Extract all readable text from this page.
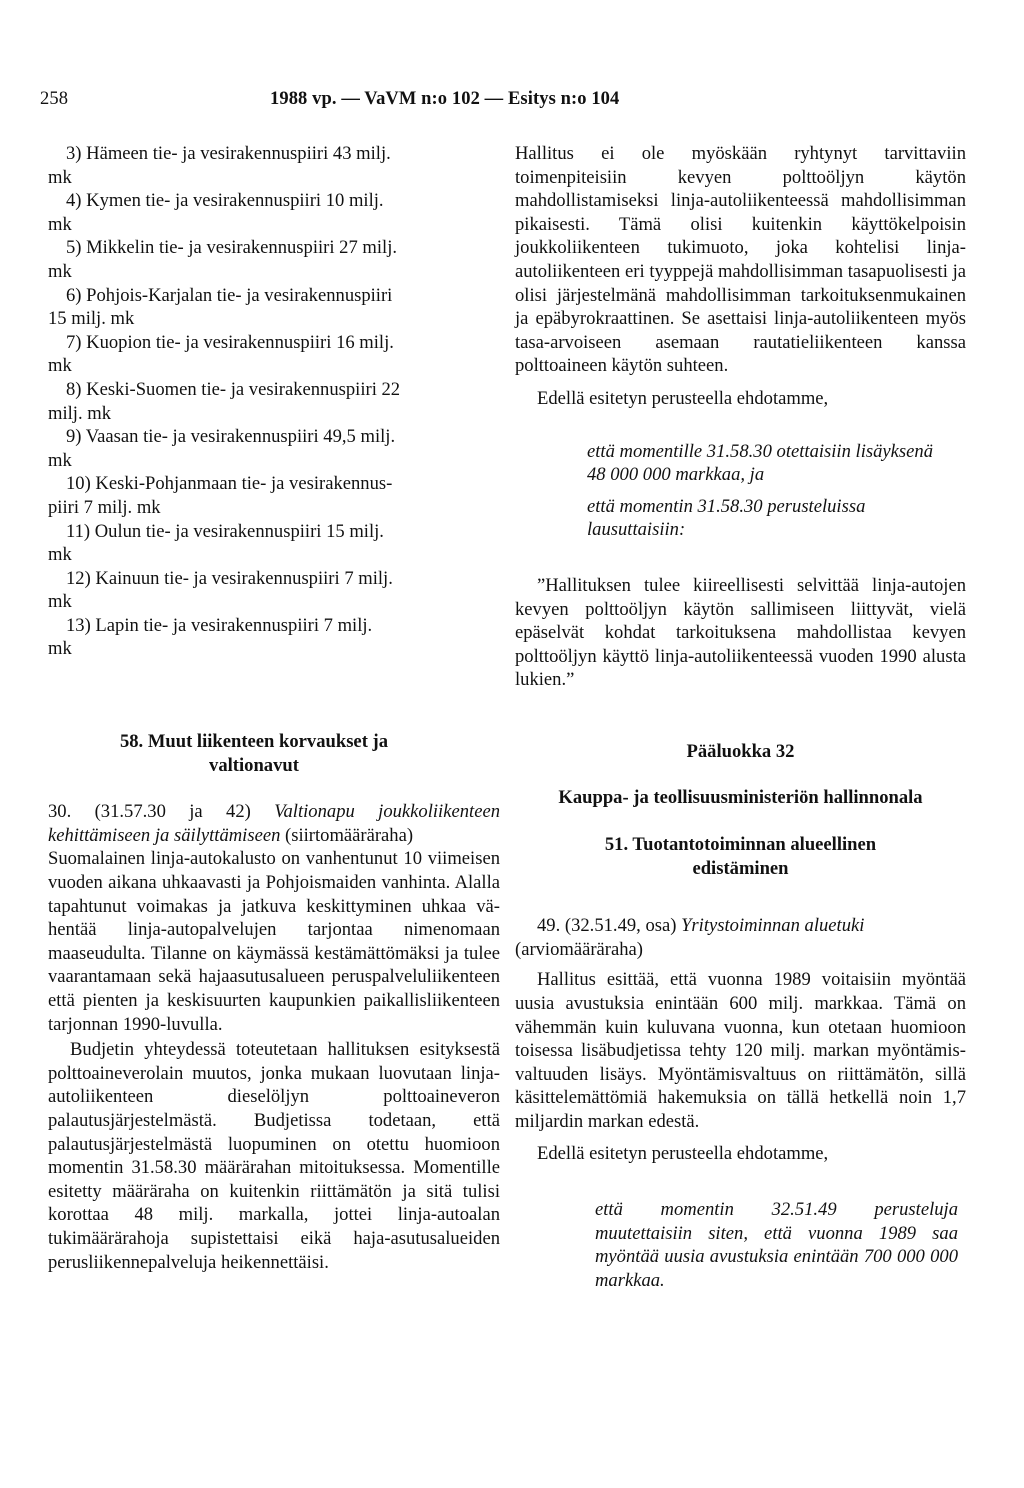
258	1988 vp. — VaVM n:o 102 — Esitys n:o 104
3) Hämeen tie- ja vesirakennuspiiri 43 milj.
mk
4) Kymen tie- ja vesirakennuspiiri 10 milj.
mk
5) Mikkelin tie- ja vesirakennuspiiri 27 milj.
mk
6) Pohjois-Karjalan tie- ja vesirakennuspiiri
15 milj. mk
7) Kuopion tie- ja vesirakennuspiiri 16 milj.
mk
8) Keski-Suomen tie- ja vesirakennuspiiri 22
milj. mk
9) Vaasan tie- ja vesirakennuspiiri 49,5 milj.
mk
10) Keski-Pohjanmaan tie- ja vesirakennus-
piiri 7 milj. mk
11) Oulun tie- ja vesirakennuspiiri 15 milj.
mk
12) Kainuun tie- ja vesirakennuspiiri 7 milj.
mk
13) Lapin tie- ja vesirakennuspiiri 7 milj.
mk
58. Muut liikenteen korvaukset ja
valtionavut

30. (31.57.30 ja 42) Valtionapu joukkoliikenteen kehittämiseen ja säilyttämiseen (siirtomääräraha)

Suomalainen linja-autokalusto on vanhentunut 10 viimeisen vuoden aikana uhkaavasti ja Pohjoismaiden vanhinta. Alalla tapahtunut voimakas ja jatkuva keskittyminen uhkaa vähentää linja-autopalvelujen tarjontaa nimenomaan maaseudulta. Tilanne on käymässä kestämättömäksi ja tulee vaarantamaan sekä hajaasutusalueen peruspalveluliikenteen että pienten ja keskisuurten kaupunkien paikallisliikenteen tarjonnan 1990-luvulla.

Budjetin yhteydessä toteutetaan hallituksen esityksestä polttoaineverolain muutos, jonka mukaan luovutaan linja-autoliikenteen dieselöljyn polttoaineveron palautusjärjestelmästä. Budjetissa todetaan, että palautusjärjestelmästä luopuminen on otettu huomioon momentin 31.58.30 määrärahan mitoituksessa. Momentille esitetty määräraha on kuitenkin riittämätön ja sitä tulisi korottaa 48 milj. markalla, jottei linja-autoalan tukimäärärahoja supistettaisi eikä haja-asutusalueiden perusliikennepalveluja heikennettäisi.

Hallitus ei ole myöskään ryhtynyt tarvittaviin toimenpiteisiin kevyen polttoöljyn käytön mahdollistamiseksi linja-autoliikenteessä mahdollisimman pikaisesti. Tämä olisi kuitenkin käyttökelpoisin joukkoliikenteen tukimuoto, joka kohtelisi linja-autoliikenteen eri tyyppejä mahdollisimman tasapuolisesti ja olisi järjestelmänä mahdollisimman tarkoituksenmukainen ja epäbyrokraattinen. Se asettaisi linja-autoliikenteen myös tasa-arvoiseen asemaan rautatieliikenteen kanssa polttoaineen käytön suhteen.

Edellä esitetyn perusteella ehdotamme,

että momentille 31.58.30 otettaisiin lisäyksenä 48 000 000 markkaa, ja

että momentin 31.58.30 perusteluissa lausuttaisiin:

”Hallituksen tulee kiireellisesti selvittää linja-autojen kevyen polttoöljyn käytön sallimiseen liittyvät, vielä epäselvät kohdat tarkoituksena mahdollistaa kevyen polttoöljyn käyttö linja-autoliikenteessä vuoden 1990 alusta lukien.”

Pääluokka 32

Kauppa- ja teollisuusministeriön hallinnonala

51. Tuotantotoiminnan alueellinen
edistäminen

49. (32.51.49, osa) Yritystoiminnan aluetuki

(arviomääräraha)

Hallitus esittää, että vuonna 1989 voitaisiin myöntää uusia avustuksia enintään 600 milj. markkaa. Tämä on vähemmän kuin kuluvana vuonna, kun otetaan huomioon toisessa lisäbudjetissa tehty 120 milj. markan myöntämisvaltuuden lisäys. Myöntämisvaltuus on riittämätön, sillä käsittelemättömiä hakemuksia on tällä hetkellä noin 1,7 miljardin markan edestä.

Edellä esitetyn perusteella ehdotamme,

että momentin 32.51.49 perusteluja muutettaisiin siten, että vuonna 1989 saa myöntää uusia avustuksia enintään 700 000 000 markkaa.
